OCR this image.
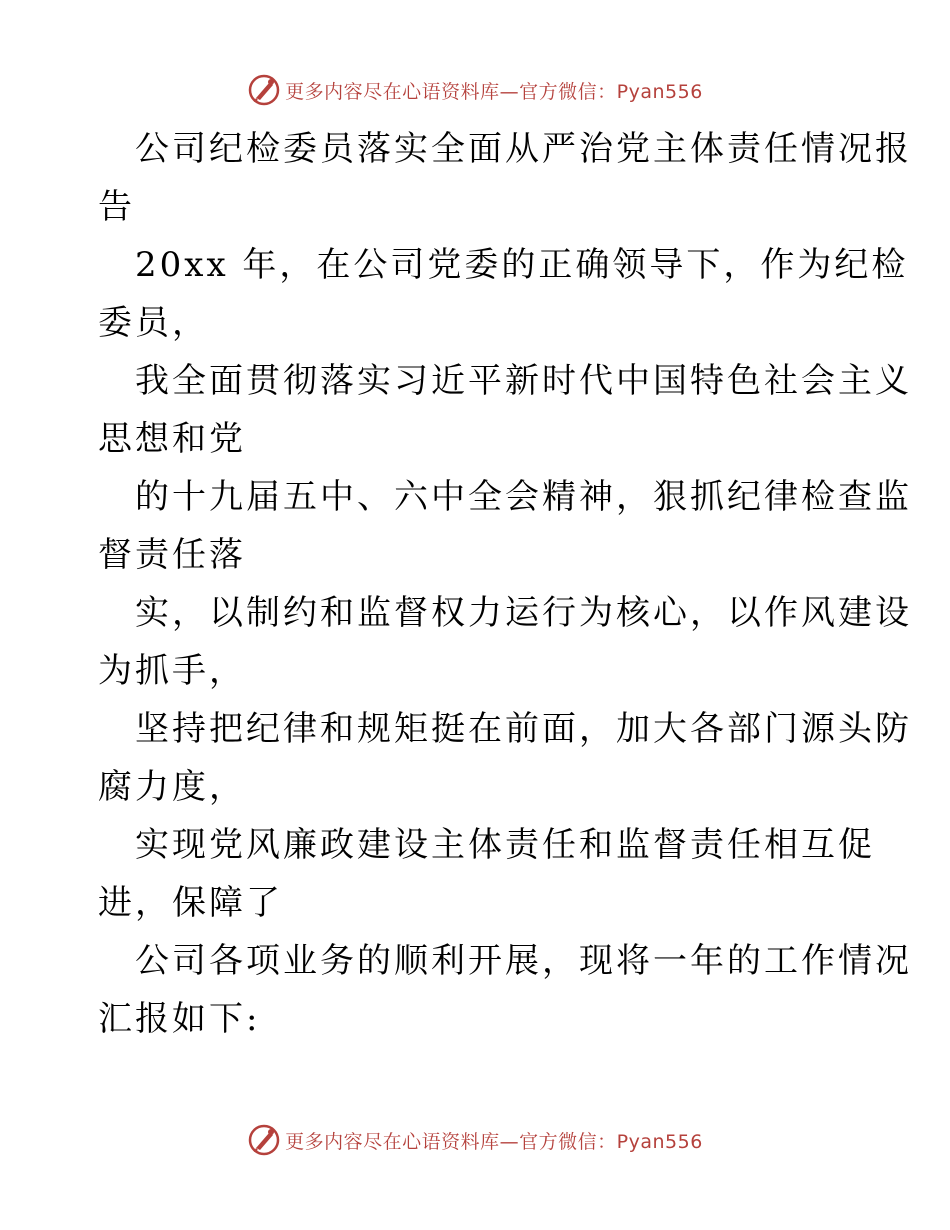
更多内容尽在心语资料库—官方微信：Pyan556
公司纪检委员落实全面从严治党主体责任情况报
告
20xx 年，在公司党委的正确领导下，作为纪检
委员，
我全面贯彻落实习近平新时代中国特色社会主义
思想和党
的十九届五中、六中全会精神，狠抓纪律检查监
督责任落
实，以制约和监督权力运行为核心，以作风建设
为抓手，
坚持把纪律和规矩挺在前面，加大各部门源头防
腐力度，
实现党风廉政建设主体责任和监督责任相互促
进，保障了
公司各项业务的顺利开展，现将一年的工作情况
汇报如下:
更多内容尽在心语资料库—官方微信：Pyan556
